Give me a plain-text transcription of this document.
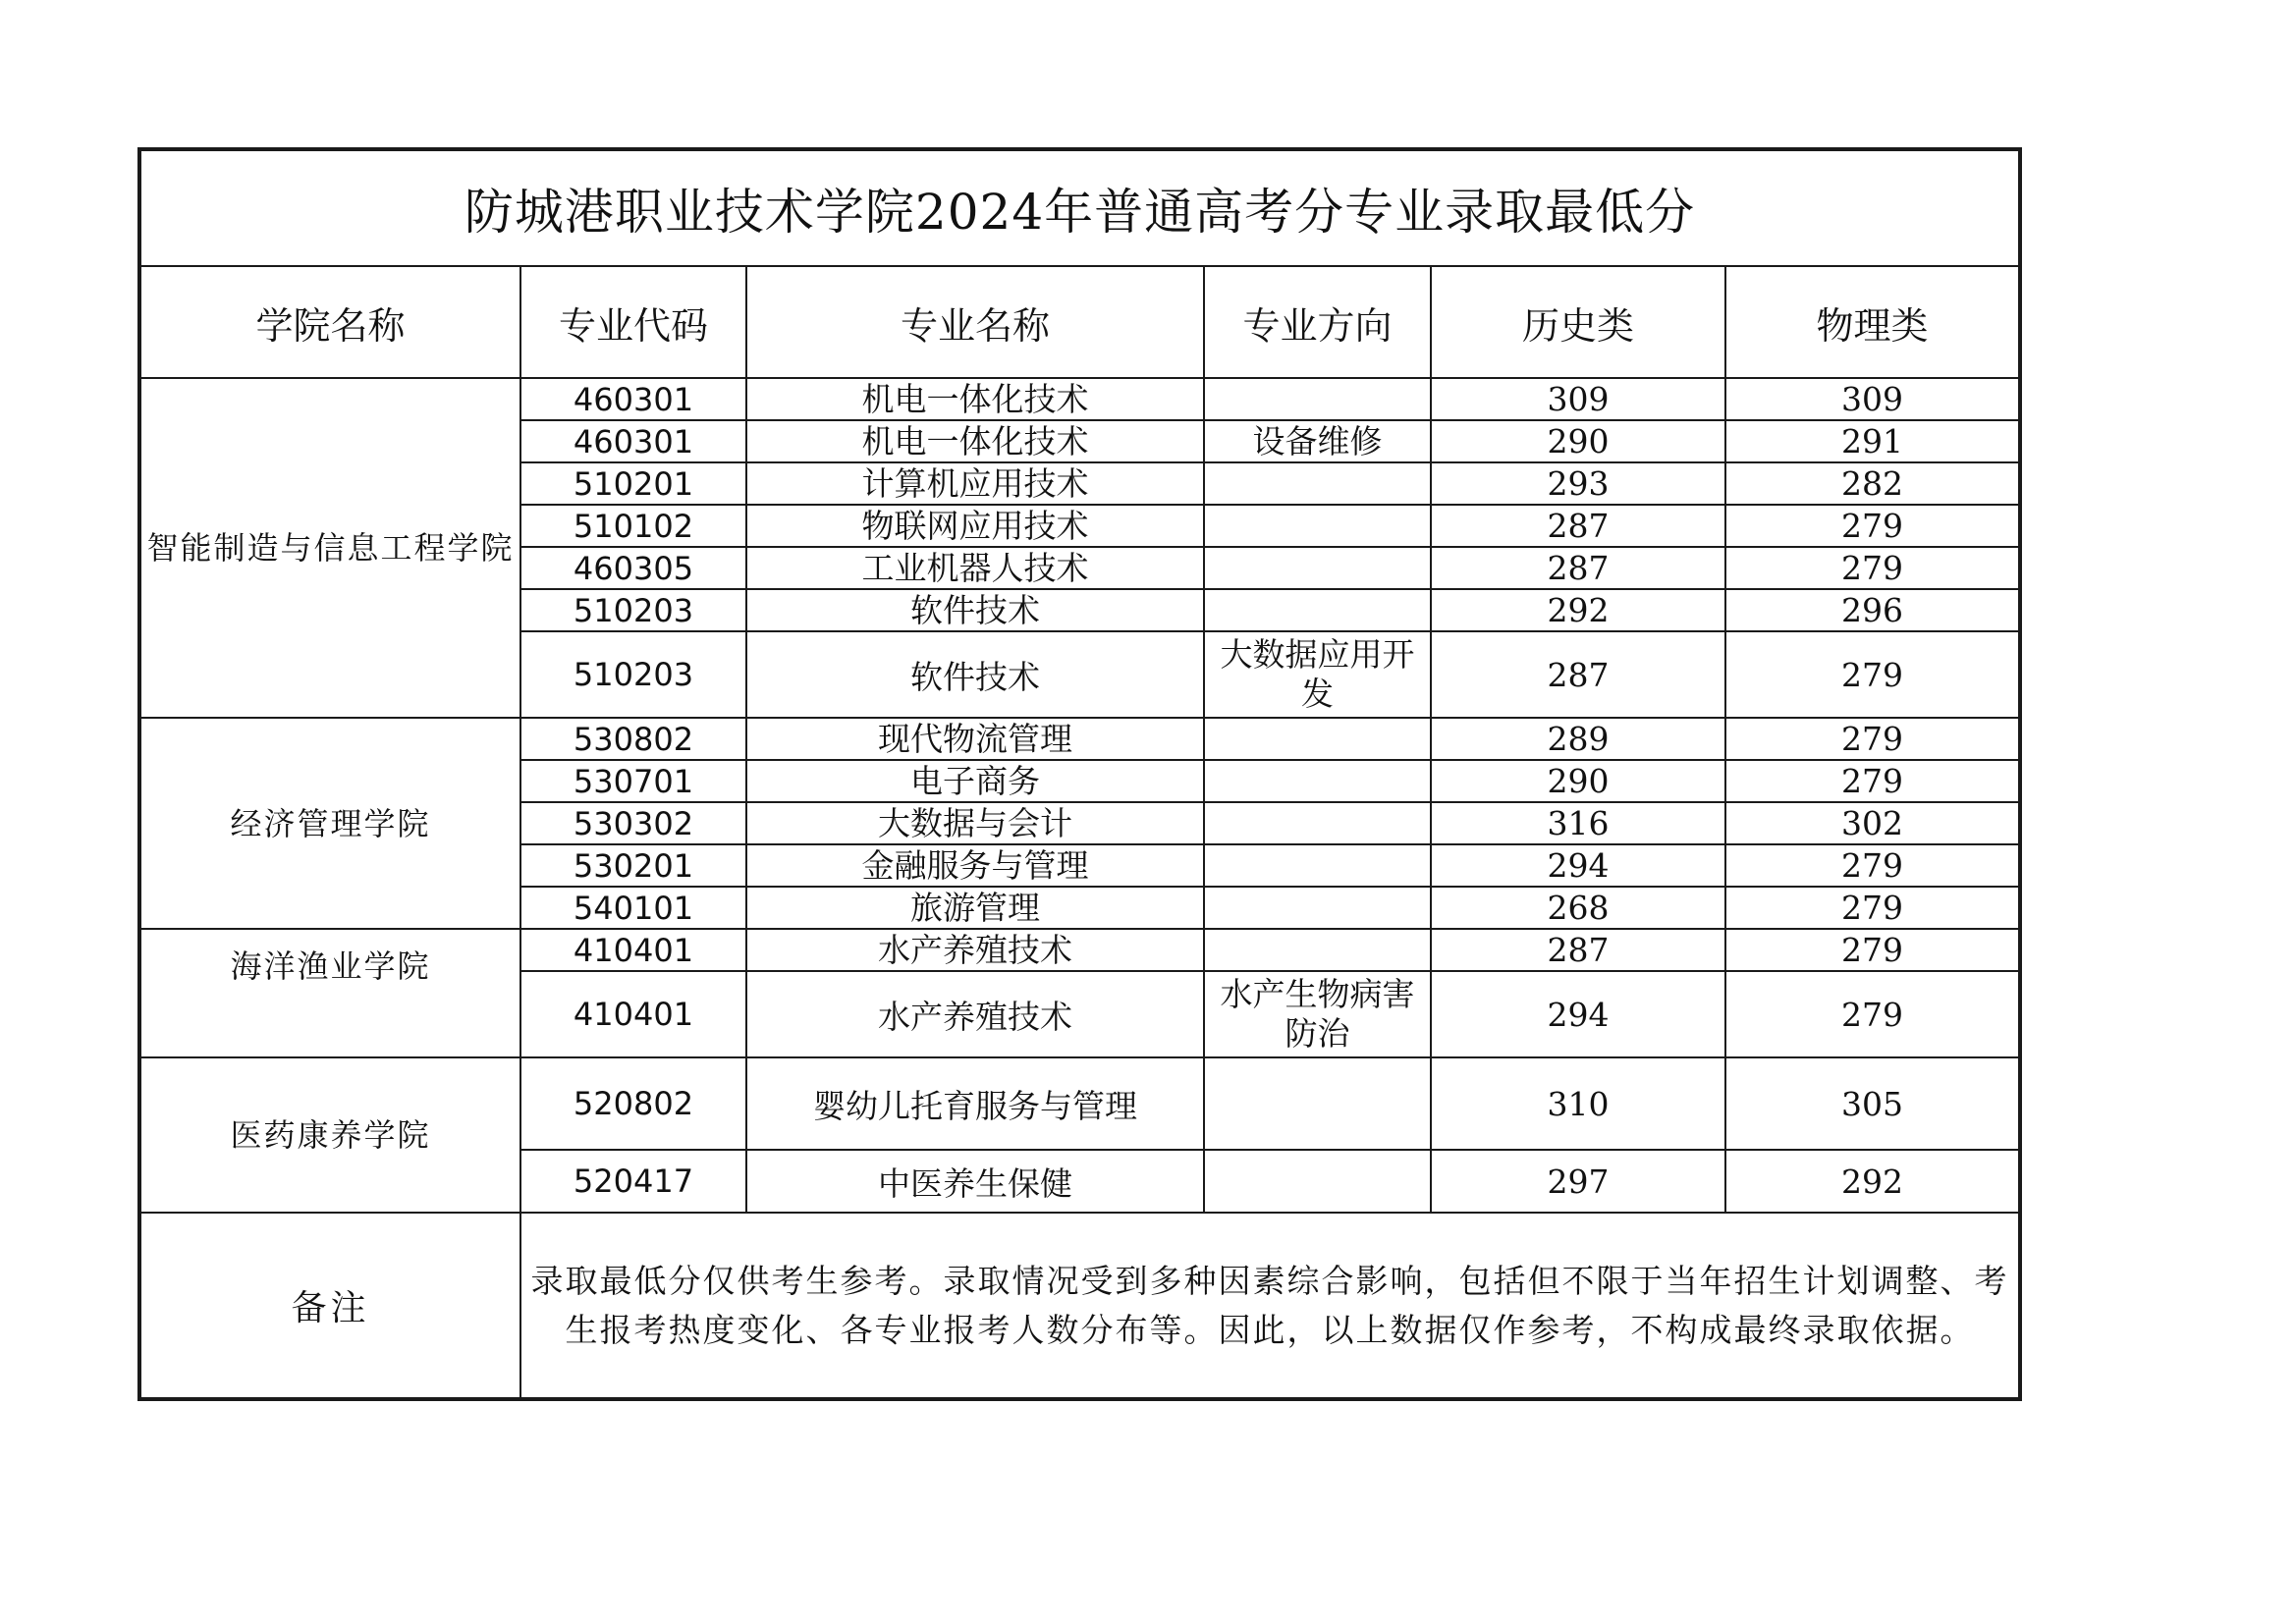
防城港职业技术学院2024年普通高考分专业录取最低分					
学院名称	专业代码	专业名称	专业方向	历史类	物理类
智能制造与信息工程学院	460301	机电一体化技术		309	309
	460301	机电一体化技术	设备维修	290	291
	510201	计算机应用技术		293	282
	510102	物联网应用技术		287	279
	460305	工业机器人技术		287	279
	510203	软件技术		292	296
	510203	软件技术	大数据应用开发	287	279
经济管理学院	530802	现代物流管理		289	279
	530701	电子商务		290	279
	530302	大数据与会计		316	302
	530201	金融服务与管理		294	279
	540101	旅游管理		268	279
海洋渔业学院	410401	水产养殖技术		287	279
	410401	水产养殖技术	水产生物病害防治	294	279
医药康养学院	520802	婴幼儿托育服务与管理		310	305
	520417	中医养生保健		297	292
备注	录取最低分仅供考生参考。录取情况受到多种因素综合影响，包括但不限于当年招生计划调整、考生报考热度变化、各专业报考人数分布等。因此，以上数据仅作参考，不构成最终录取依据。				
